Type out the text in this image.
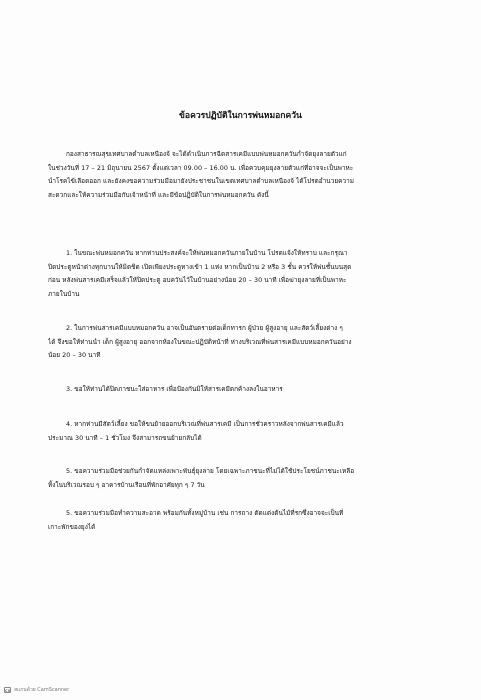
ข้อควรปฏิบัติในการพ่นหมอกควัน
กองสาธารณสุขเทศบาลตำบลเหนืองจ้ จะได้ดำเนินการฉีดสารเคมีแบบพ่นหมอกควันกำจัดยุงลายตัวแก่
ในช่วงวันที่ 17 – 21 มิถุนายน 2567 ตั้งแต่เวลา 09.00 – 16.00 น. เพื่อควบคุมยุงลายตัวแก่ที่อาจจะเป็นพาหะ
นำโรคไข้เลือดออก และยังคงขอความร่วมมือมายังประชาชนในเขตเทศบาลตำบลเหนืองจ้ ได้โปรดอำนวยความ
สะดวกและให้ความร่วมมือกับเจ้าหน้าที่ และมีข้อปฏิบัติในการพ่นหมอกควัน ดังนี้
1. ในขณะพ่นหมอกควัน หากท่านประสงค์จะให้พ่นหมอกควันภายในบ้าน โปรดแจ้งให้ทราบ และกรุณา
ปิดประตูหน้าต่างทุกบานให้มิดชิด เปิดเพียงประตูทางเข้า 1 แห่ง หากเป็นบ้าน 2 หรือ 3 ชั้น ควรให้พ่นชั้นบนสุด
ก่อน หลังพ่นสารเคมีเสร็จแล้วให้ปิดประตู อบควันไว้ในบ้านอย่างน้อย 20 – 30 นาที เพื่อฆ่ายุงลายที่เป็นพาหะ
ภายในบ้าน
2. ในการพ่นสารเคมีแบบหมอกควัน อาจเป็นอันตรายต่อเด็กทารก ผู้ป่วย ผู้สูงอายุ และสัตว์เลี้ยงต่าง ๆ
ได้ จึงขอให้ท่านนำ เด็ก ผู้สูงอายุ ออกจากห้องในขณะปฏิบัติหน้าที่ ห่างบริเวณที่พ่นสารเคมีแบบหมอกควันอย่าง
น้อย 20 – 30 นาที
3. ขอให้ท่านได้ปิดภาชนะใส่อาหาร เพื่อป้องกันมิให้สารเคมีตกค้างลงในอาหาร
4. หากท่านมีสัตว์เลี้ยง ขอให้ขนย้ายออกบริเวณที่พ่นสารเคมี เป็นการชั่วคราวหลังจากพ่นสารเคมีแล้ว
ประมาณ 30 นาที – 1 ชั่วโมง จึงสามารถขนย้ายกลับได้
5. ขอความร่วมมือช่วยกันกำจัดแหล่งเพาะพันธุ์ยุงลาย โดยเฉพาะภาชนะที่ไม่ได้ใช้ประโยชน์ภาชนะเหลือ
ทิ้งในบริเวณรอบ ๆ อาคารบ้านเรือนที่พักอาศัยทุก ๆ 7 วัน
5. ขอความร่วมมือทำความสะอาด พร้อมกันทั้งหมู่บ้าน เช่น การถาง ตัดแต่งต้นไม้ที่รกซึ่งอาจจะเป็นที่
เกาะพักของยุงได้
CS สแกนด้วย CamScanner
